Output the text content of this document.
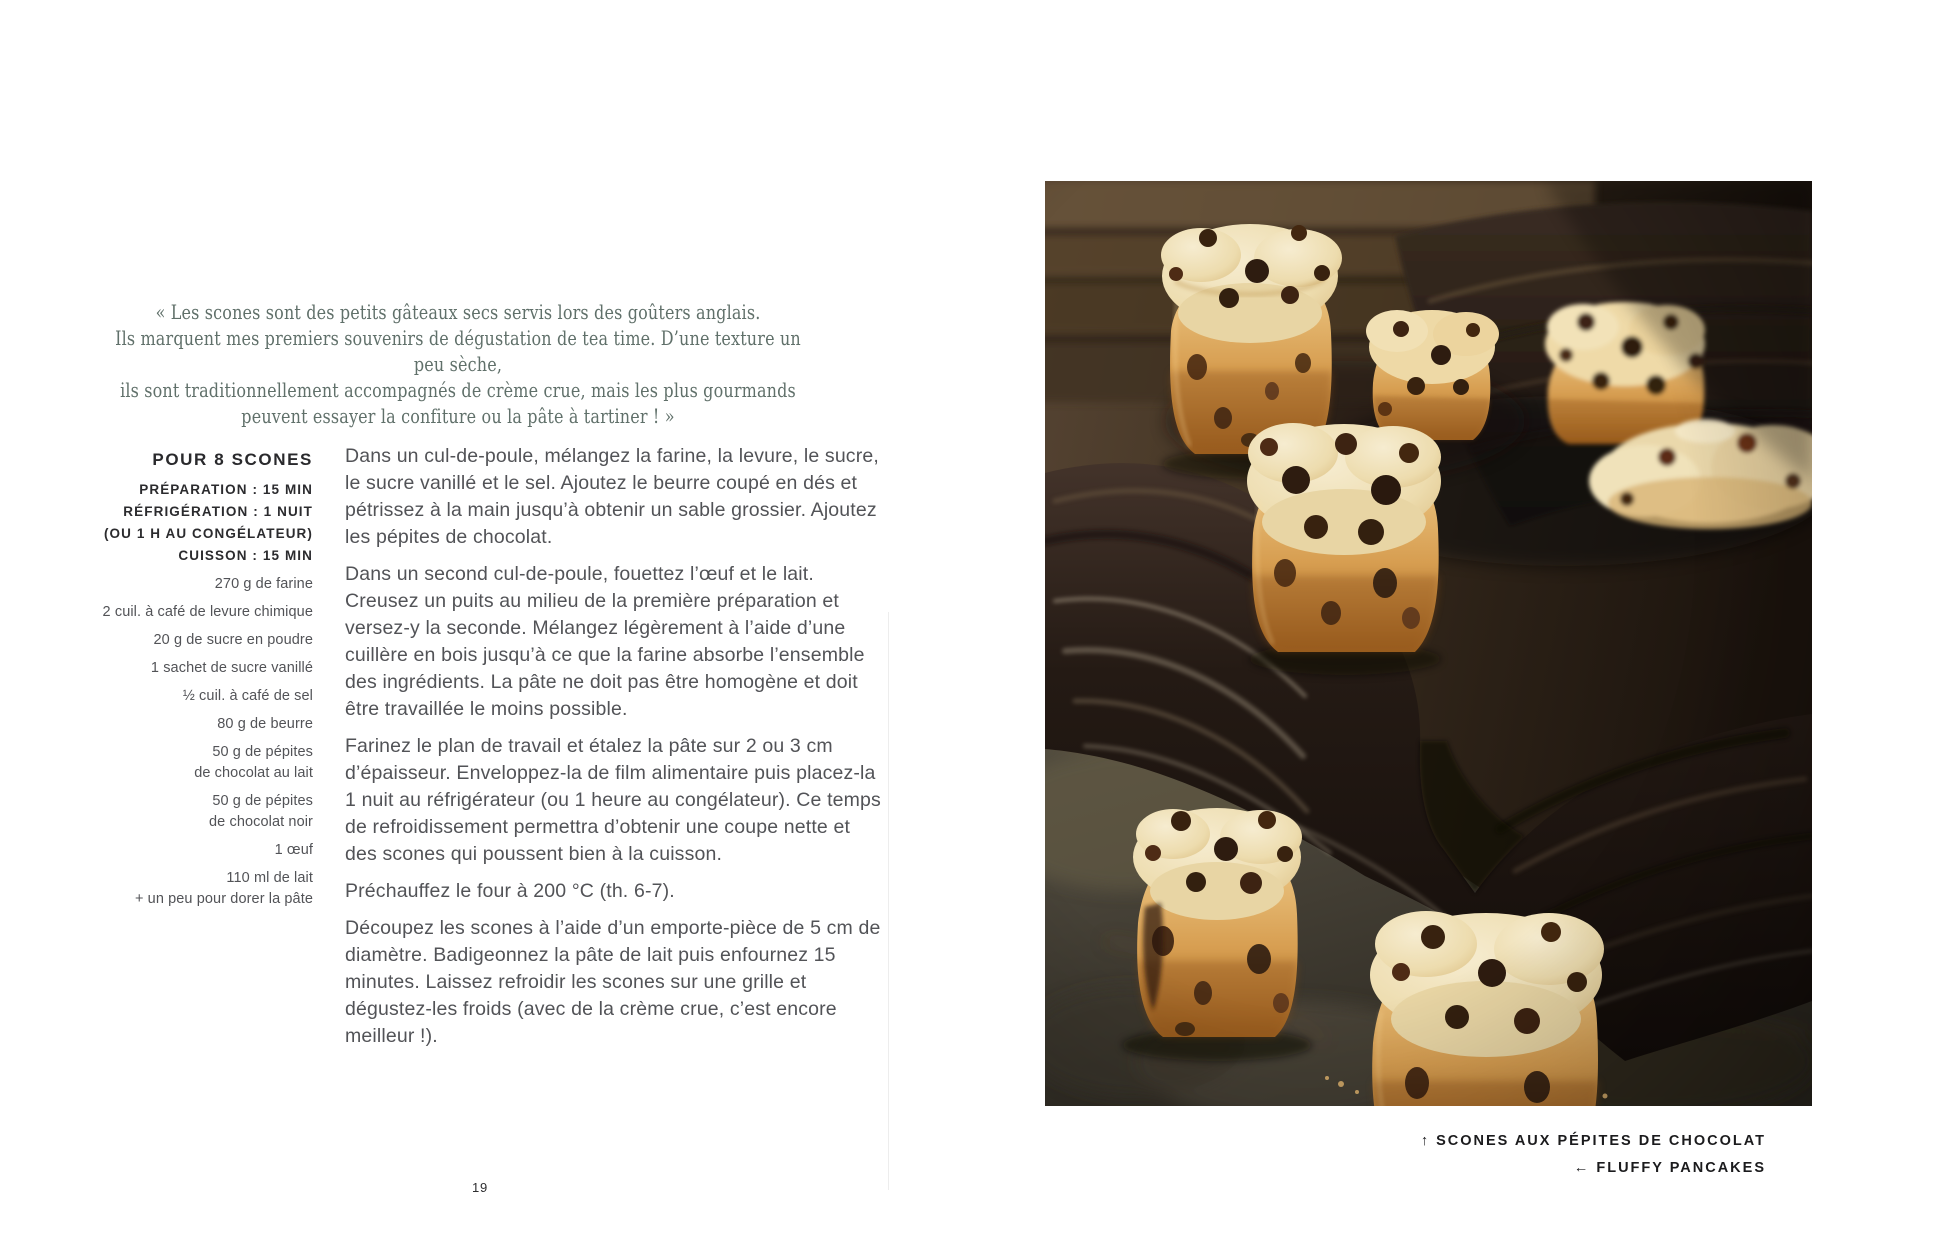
« Les scones sont des petits gâteaux secs servis lors des goûters anglais.
Ils marquent mes premiers souvenirs de dégustation de tea time. D’une texture un peu sèche,
ils sont traditionnellement accompagnés de crème crue, mais les plus gourmands
peuvent essayer la confiture ou la pâte à tartiner ! »
POUR 8 SCONES
PRÉPARATION : 15 MIN
RÉFRIGÉRATION : 1 NUIT
(OU 1 H AU CONGÉLATEUR)
CUISSON : 15 MIN
270 g de farine
2 cuil. à café de levure chimique
20 g de sucre en poudre
1 sachet de sucre vanillé
½ cuil. à café de sel
80 g de beurre
50 g de pépites
de chocolat au lait
50 g de pépites
de chocolat noir
1 œuf
110 ml de lait
+ un peu pour dorer la pâte

Dans un cul-de-poule, mélangez la farine, la levure, le sucre, le sucre vanillé et le sel. Ajoutez le beurre coupé en dés et pétrissez à la main jusqu’à obtenir un sable grossier. Ajoutez les pépites de chocolat.

Dans un second cul-de-poule, fouettez l’œuf et le lait. Creusez un puits au milieu de la première préparation et versez-y la seconde. Mélangez légèrement à l’aide d’une cuillère en bois jusqu’à ce que la farine absorbe l’ensemble des ingrédients. La pâte ne doit pas être homogène et doit être travaillée le moins possible.

Farinez le plan de travail et étalez la pâte sur 2 ou 3 cm d’épaisseur. Enveloppez-la de film alimentaire puis placez-la 1 nuit au réfrigérateur (ou 1 heure au congélateur). Ce temps de refroidissement permettra d’obtenir une coupe nette et des scones qui poussent bien à la cuisson.

Préchauffez le four à 200 °C (th. 6-7).

Découpez les scones à l’aide d’un emporte-pièce de 5 cm de diamètre. Badigeonnez la pâte de lait puis enfournez 15 minutes. Laissez refroidir les scones sur une grille et dégustez-les froids (avec de la crème crue, c’est encore meilleur !).

19
↑ SCONES AUX PÉPITES DE CHOCOLAT
← FLUFFY PANCAKES
